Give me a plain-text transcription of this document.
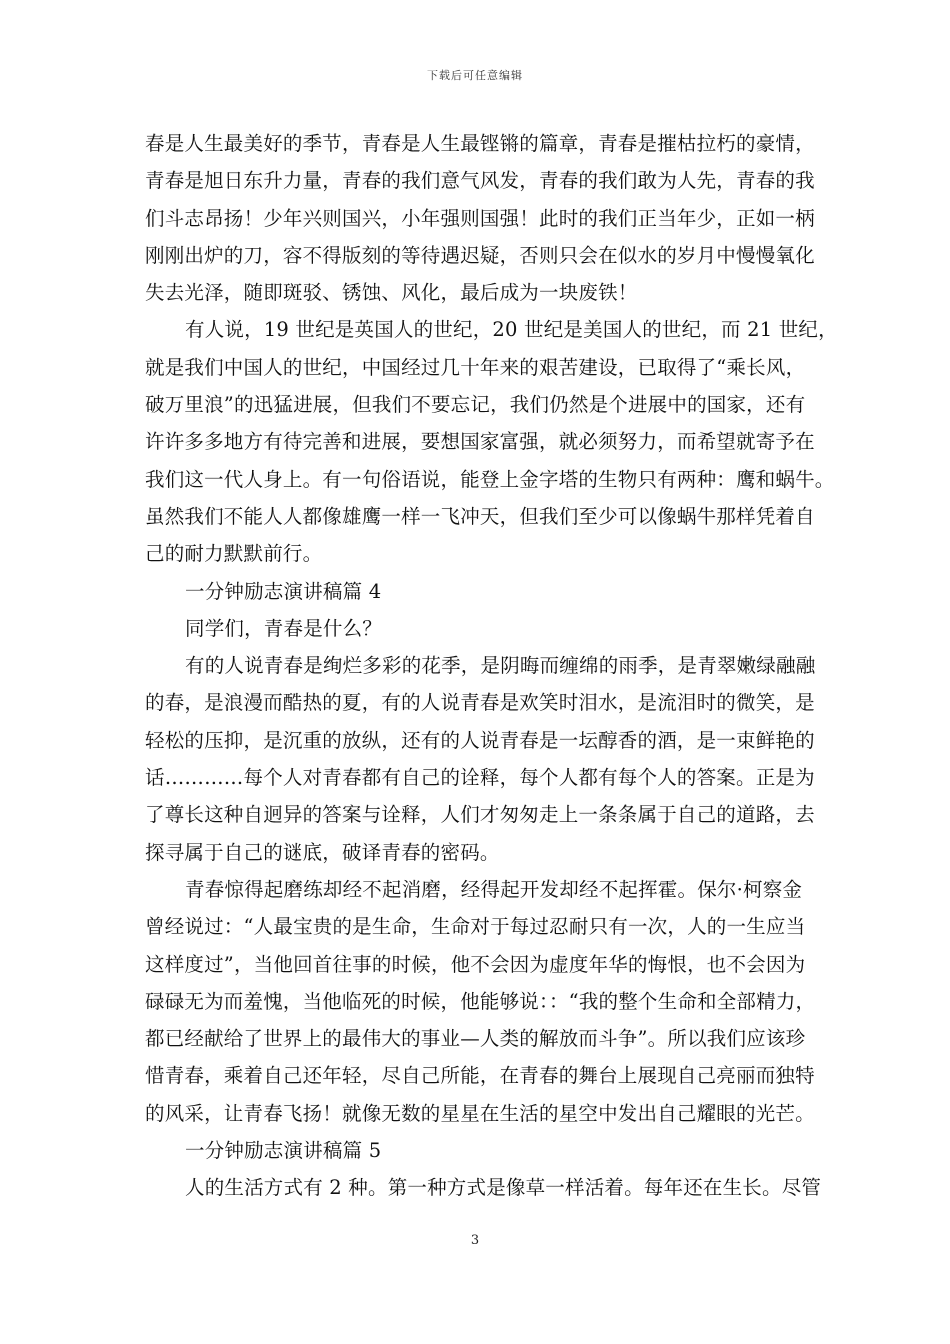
下载后可任意编辑
春是人生最美好的季节，青春是人生最铿锵的篇章，青春是摧枯拉朽的豪情，
青春是旭日东升力量，青春的我们意气风发，青春的我们敢为人先，青春的我
们斗志昂扬！少年兴则国兴，小年强则国强！此时的我们正当年少，正如一柄
刚刚出炉的刀，容不得版刻的等待遇迟疑，否则只会在似水的岁月中慢慢氧化
失去光泽，随即斑驳、锈蚀、风化，最后成为一块废铁！
有人说，19 世纪是英国人的世纪，20 世纪是美国人的世纪，而 21 世纪，
就是我们中国人的世纪，中国经过几十年来的艰苦建设，已取得了“乘长风，
破万里浪”的迅猛进展，但我们不要忘记，我们仍然是个进展中的国家，还有
许许多多地方有待完善和进展，要想国家富强，就必须努力，而希望就寄予在
我们这一代人身上。有一句俗语说，能登上金字塔的生物只有两种：鹰和蜗牛。
虽然我们不能人人都像雄鹰一样一飞冲天，但我们至少可以像蜗牛那样凭着自
己的耐力默默前行。
一分钟励志演讲稿篇 4
同学们，青春是什么？
有的人说青春是绚烂多彩的花季，是阴晦而缠绵的雨季，是青翠嫩绿融融
的春，是浪漫而酷热的夏，有的人说青春是欢笑时泪水，是流泪时的微笑，是
轻松的压抑，是沉重的放纵，还有的人说青春是一坛醇香的酒，是一束鲜艳的
话…………每个人对青春都有自己的诠释，每个人都有每个人的答案。正是为
了尊长这种自迥异的答案与诠释，人们才匆匆走上一条条属于自己的道路，去
探寻属于自己的谜底，破译青春的密码。
青春惊得起磨练却经不起消磨，经得起开发却经不起挥霍。保尔·柯察金
曾经说过：“人最宝贵的是生命，生命对于每过忍耐只有一次，人的一生应当
这样度过”，当他回首往事的时候，他不会因为虚度年华的悔恨，也不会因为
碌碌无为而羞愧，当他临死的时候，他能够说：：“我的整个生命和全部精力，
都已经献给了世界上的最伟大的事业—人类的解放而斗争”。所以我们应该珍
惜青春，乘着自己还年轻，尽自己所能，在青春的舞台上展现自己亮丽而独特
的风采，让青春飞扬！就像无数的星星在生活的星空中发出自己耀眼的光芒。
一分钟励志演讲稿篇 5
人的生活方式有 2 种。第一种方式是像草一样活着。每年还在生长。尽管
3
